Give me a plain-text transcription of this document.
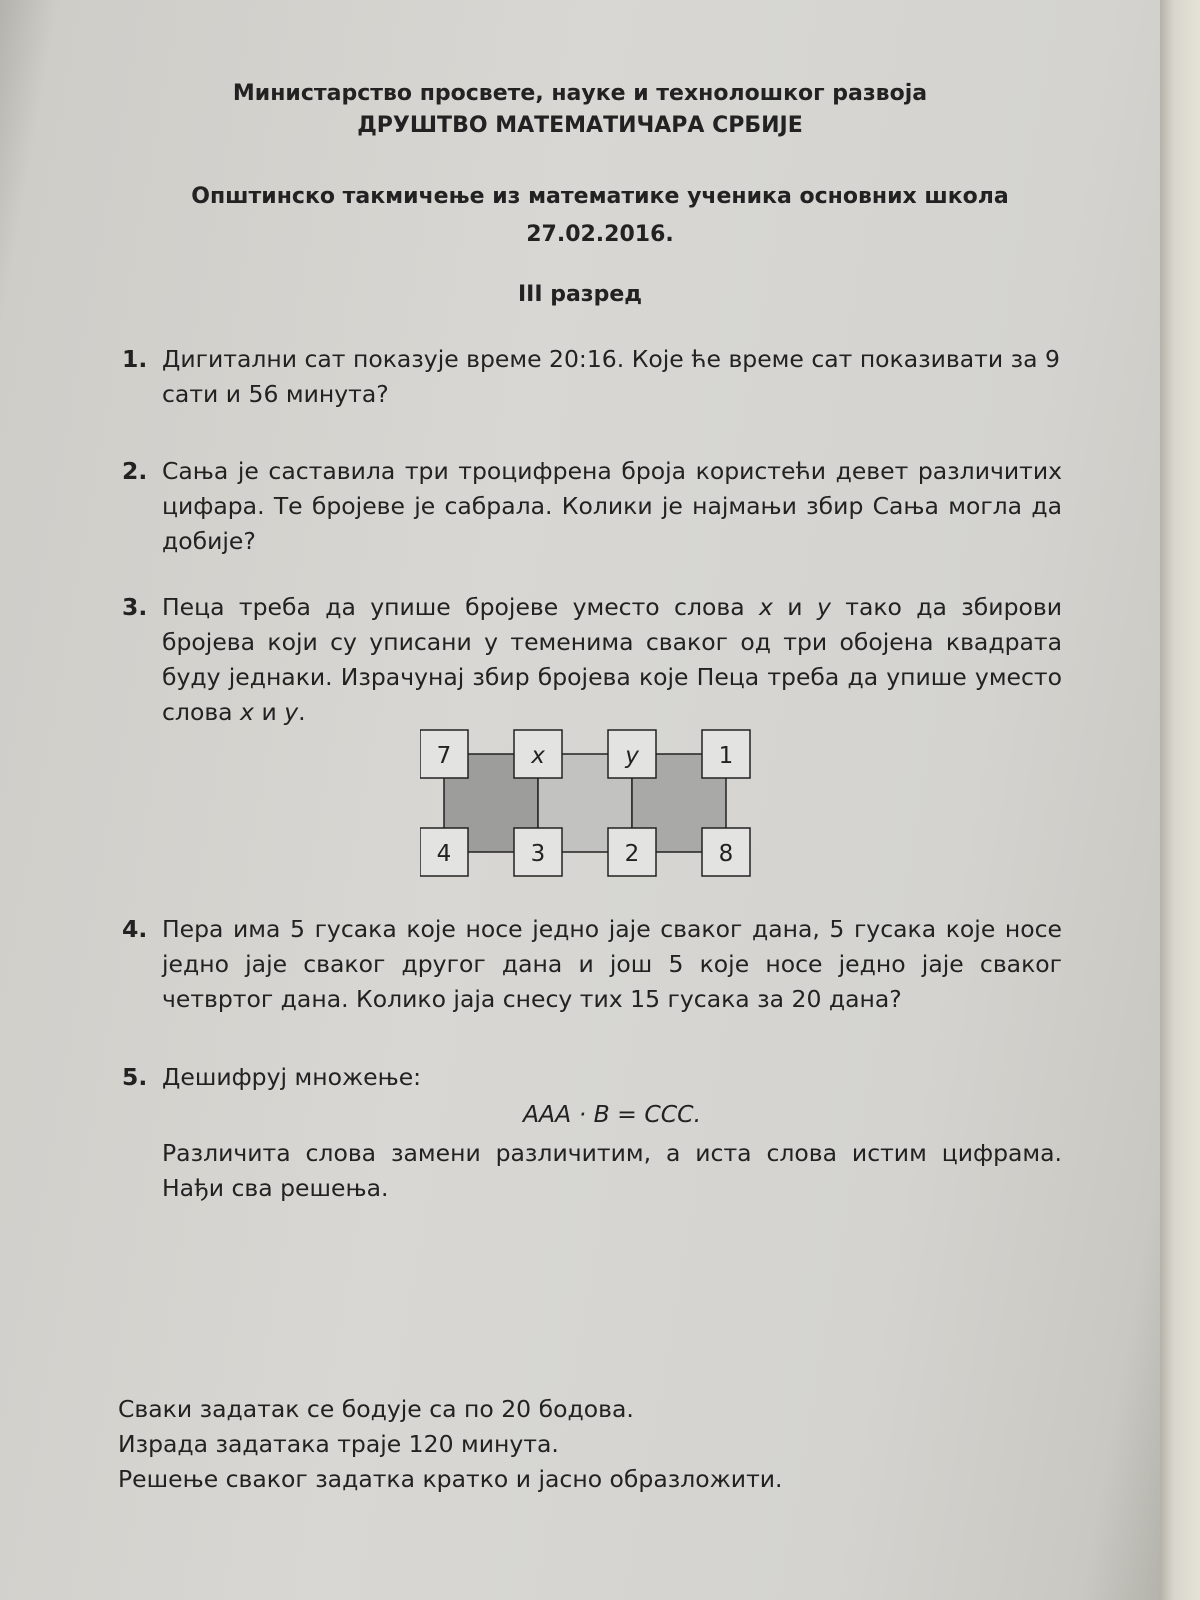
Министарство просвете, науке и технолошког развоја
ДРУШТВО МАТЕМАТИЧАРА СРБИЈЕ
Општинско такмичење из математике ученика основних школа
27.02.2016.
III разред
1. Дигитални сат показује време 20:16. Које ће време сат показивати за 9 сати и 56 минута?
2. Сања је саставила три троцифрена броја користећи девет различитих цифара. Те бројеве је сабрала. Колики је најмањи збир Сања могла да добије?
3. Пеца треба да упише бројеве уместо слова x и y тако да збирови бројева који су уписани у теменима сваког од три обојена квадрата буду једнаки. Израчунај збир бројева које Пеца треба да упише уместо слова x и y.
7	x	y	1
4	3	2	8
4. Пера има 5 гусака које носе једно јаје сваког дана, 5 гусака које носе једно јаје сваког другог дана и још 5 које носе једно јаје сваког четвртог дана. Колико јаја снесу тих 15 гусака за 20 дана?
5. Дешифруј множење:
AAA · B = CCC.
Различита слова замени различитим, а иста слова истим цифрама. Нађи сва решења.
Сваки задатак се бодује са по 20 бодова.
Израда задатака траје 120 минута.
Решење сваког задатка кратко и јасно образложити.
